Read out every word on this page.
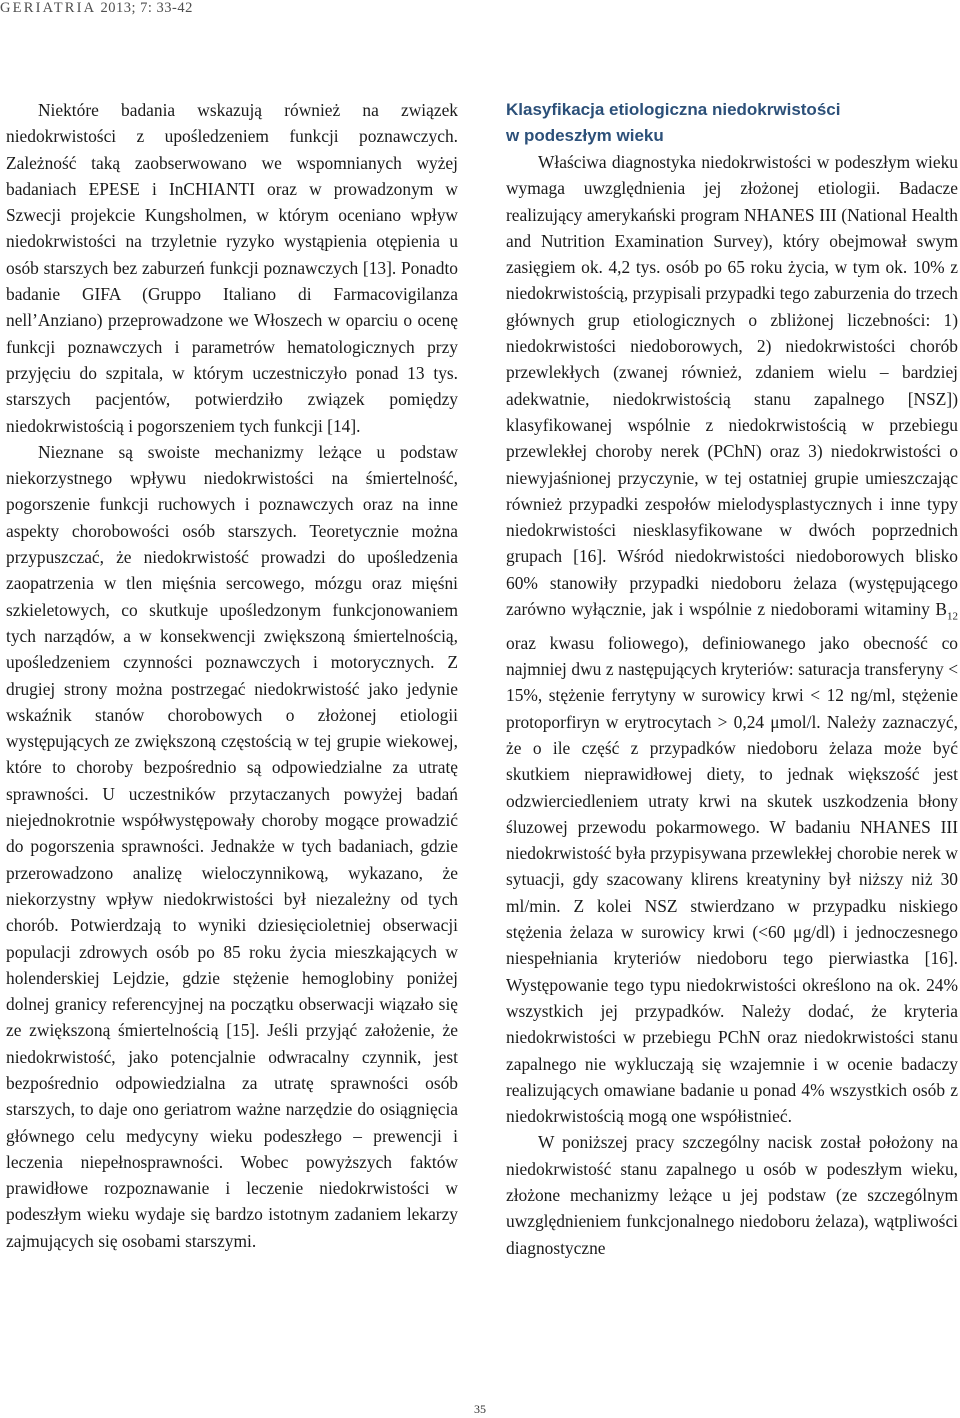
GERIATRIA 2013; 7: 33-42

Niektóre badania wskazują również na związek niedokrwistości z upośledzeniem funkcji poznawczych. Zależność taką zaobserwowano we wspomnianych wyżej badaniach EPESE i InCHIANTI oraz w prowadzonym w Szwecji projekcie Kungsholmen, w którym oceniano wpływ niedokrwistości na trzyletnie ryzyko wystąpienia otępienia u osób starszych bez zaburzeń funkcji poznawczych [13]. Ponadto badanie GIFA (Gruppo Italiano di Farmacovigilanza nell’Anziano) przeprowadzone we Włoszech w oparciu o ocenę funkcji poznawczych i parametrów hematologicznych przy przyjęciu do szpitala, w którym uczestniczyło ponad 13 tys. starszych pacjentów, potwierdziło związek pomiędzy niedokrwistością i pogorszeniem tych funkcji [14].

Nieznane są swoiste mechanizmy leżące u podstaw niekorzystnego wpływu niedokrwistości na śmiertelność, pogorszenie funkcji ruchowych i poznawczych oraz na inne aspekty chorobowości osób starszych. Teoretycznie można przypuszczać, że niedokrwistość prowadzi do upośledzenia zaopatrzenia w tlen mięśnia sercowego, mózgu oraz mięśni szkieletowych, co skutkuje upośledzonym funkcjonowaniem tych narządów, a w konsekwencji zwiększoną śmiertelnością, upośledzeniem czynności poznawczych i motorycznych. Z drugiej strony można postrzegać niedokrwistość jako jedynie wskaźnik stanów chorobowych o złożonej etiologii występujących ze zwiększoną częstością w tej grupie wiekowej, które to choroby bezpośrednio są odpowiedzialne za utratę sprawności. U uczestników przytaczanych powyżej badań niejednokrotnie współwystępowały choroby mogące prowadzić do pogorszenia sprawności. Jednakże w tych badaniach, gdzie przerowadzono analizę wieloczynnikową, wykazano, że niekorzystny wpływ niedokrwistości był niezależny od tych chorób. Potwierdzają to wyniki dziesięcioletniej obserwacji populacji zdrowych osób po 85 roku życia mieszkających w holenderskiej Lejdzie, gdzie stężenie hemoglobiny poniżej dolnej granicy referencyjnej na początku obserwacji wiązało się ze zwiększoną śmiertelnością [15]. Jeśli przyjąć założenie, że niedokrwistość, jako potencjalnie odwracalny czynnik, jest bezpośrednio odpowiedzialna za utratę sprawności osób starszych, to daje ono geriatrom ważne narzędzie do osiągnięcia głównego celu medycyny wieku podeszłego – prewencji i leczenia niepełnosprawności. Wobec powyższych faktów prawidłowe rozpoznawanie i leczenie niedokrwistości w podeszłym wieku wydaje się bardzo istotnym zadaniem lekarzy zajmujących się osobami starszymi.

Klasyfikacja etiologiczna niedokrwistości
w podeszłym wieku

Właściwa diagnostyka niedokrwistości w podeszłym wieku wymaga uwzględnienia jej złożonej etiologii. Badacze realizujący amerykański program NHANES III (National Health and Nutrition Examination Survey), który obejmował swym zasięgiem ok. 4,2 tys. osób po 65 roku życia, w tym ok. 10% z niedokrwistością, przypisali przypadki tego zaburzenia do trzech głównych grup etiologicznych o zbliżonej liczebności: 1) niedokrwistości niedoborowych, 2) niedokrwistości chorób przewlekłych (zwanej również, zdaniem wielu – bardziej adekwatnie, niedokrwistością stanu zapalnego [NSZ]) klasyfikowanej wspólnie z niedokrwistością w przebiegu przewlekłej choroby nerek (PChN) oraz 3) niedokrwistości o niewyjaśnionej przyczynie, w tej ostatniej grupie umieszczając również przypadki zespołów mielodysplastycznych i inne typy niedokrwistości niesklasyfikowane w dwóch poprzednich grupach [16]. Wśród niedokrwistości niedoborowych blisko 60% stanowiły przypadki niedoboru żelaza (występującego zarówno wyłącznie, jak i wspólnie z niedoborami witaminy $B_{12}$ oraz kwasu foliowego), definiowanego jako obecność co najmniej dwu z następujących kryteriów: saturacja transferyny < 15%, stężenie ferrytyny w surowicy krwi < 12 ng/ml, stężenie protoporfiryn w erytrocytach > 0,24 μmol/l. Należy zaznaczyć, że o ile część z przypadków niedoboru żelaza może być skutkiem nieprawidłowej diety, to jednak większość jest odzwierciedleniem utraty krwi na skutek uszkodzenia błony śluzowej przewodu pokarmowego. W badaniu NHANES III niedokrwistość była przypisywana przewlekłej chorobie nerek w sytuacji, gdy szacowany klirens kreatyniny był niższy niż 30 ml/min. Z kolei NSZ stwierdzano w przypadku niskiego stężenia żelaza w surowicy krwi (<60 μg/dl) i jednoczesnego niespełniania kryteriów niedoboru tego pierwiastka [16]. Występowanie tego typu niedokrwistości określono na ok. 24% wszystkich jej przypadków. Należy dodać, że kryteria niedokrwistości w przebiegu PChN oraz niedokrwistości stanu zapalnego nie wykluczają się wzajemnie i w ocenie badaczy realizujących omawiane badanie u ponad 4% wszystkich osób z niedokrwistością mogą one współistnieć.

W poniższej pracy szczególny nacisk został położony na niedokrwistość stanu zapalnego u osób w podeszłym wieku, złożone mechanizmy leżące u jej podstaw (ze szczególnym uwzględnieniem funkcjonalnego niedoboru żelaza), wątpliwości diagnostyczne

35
